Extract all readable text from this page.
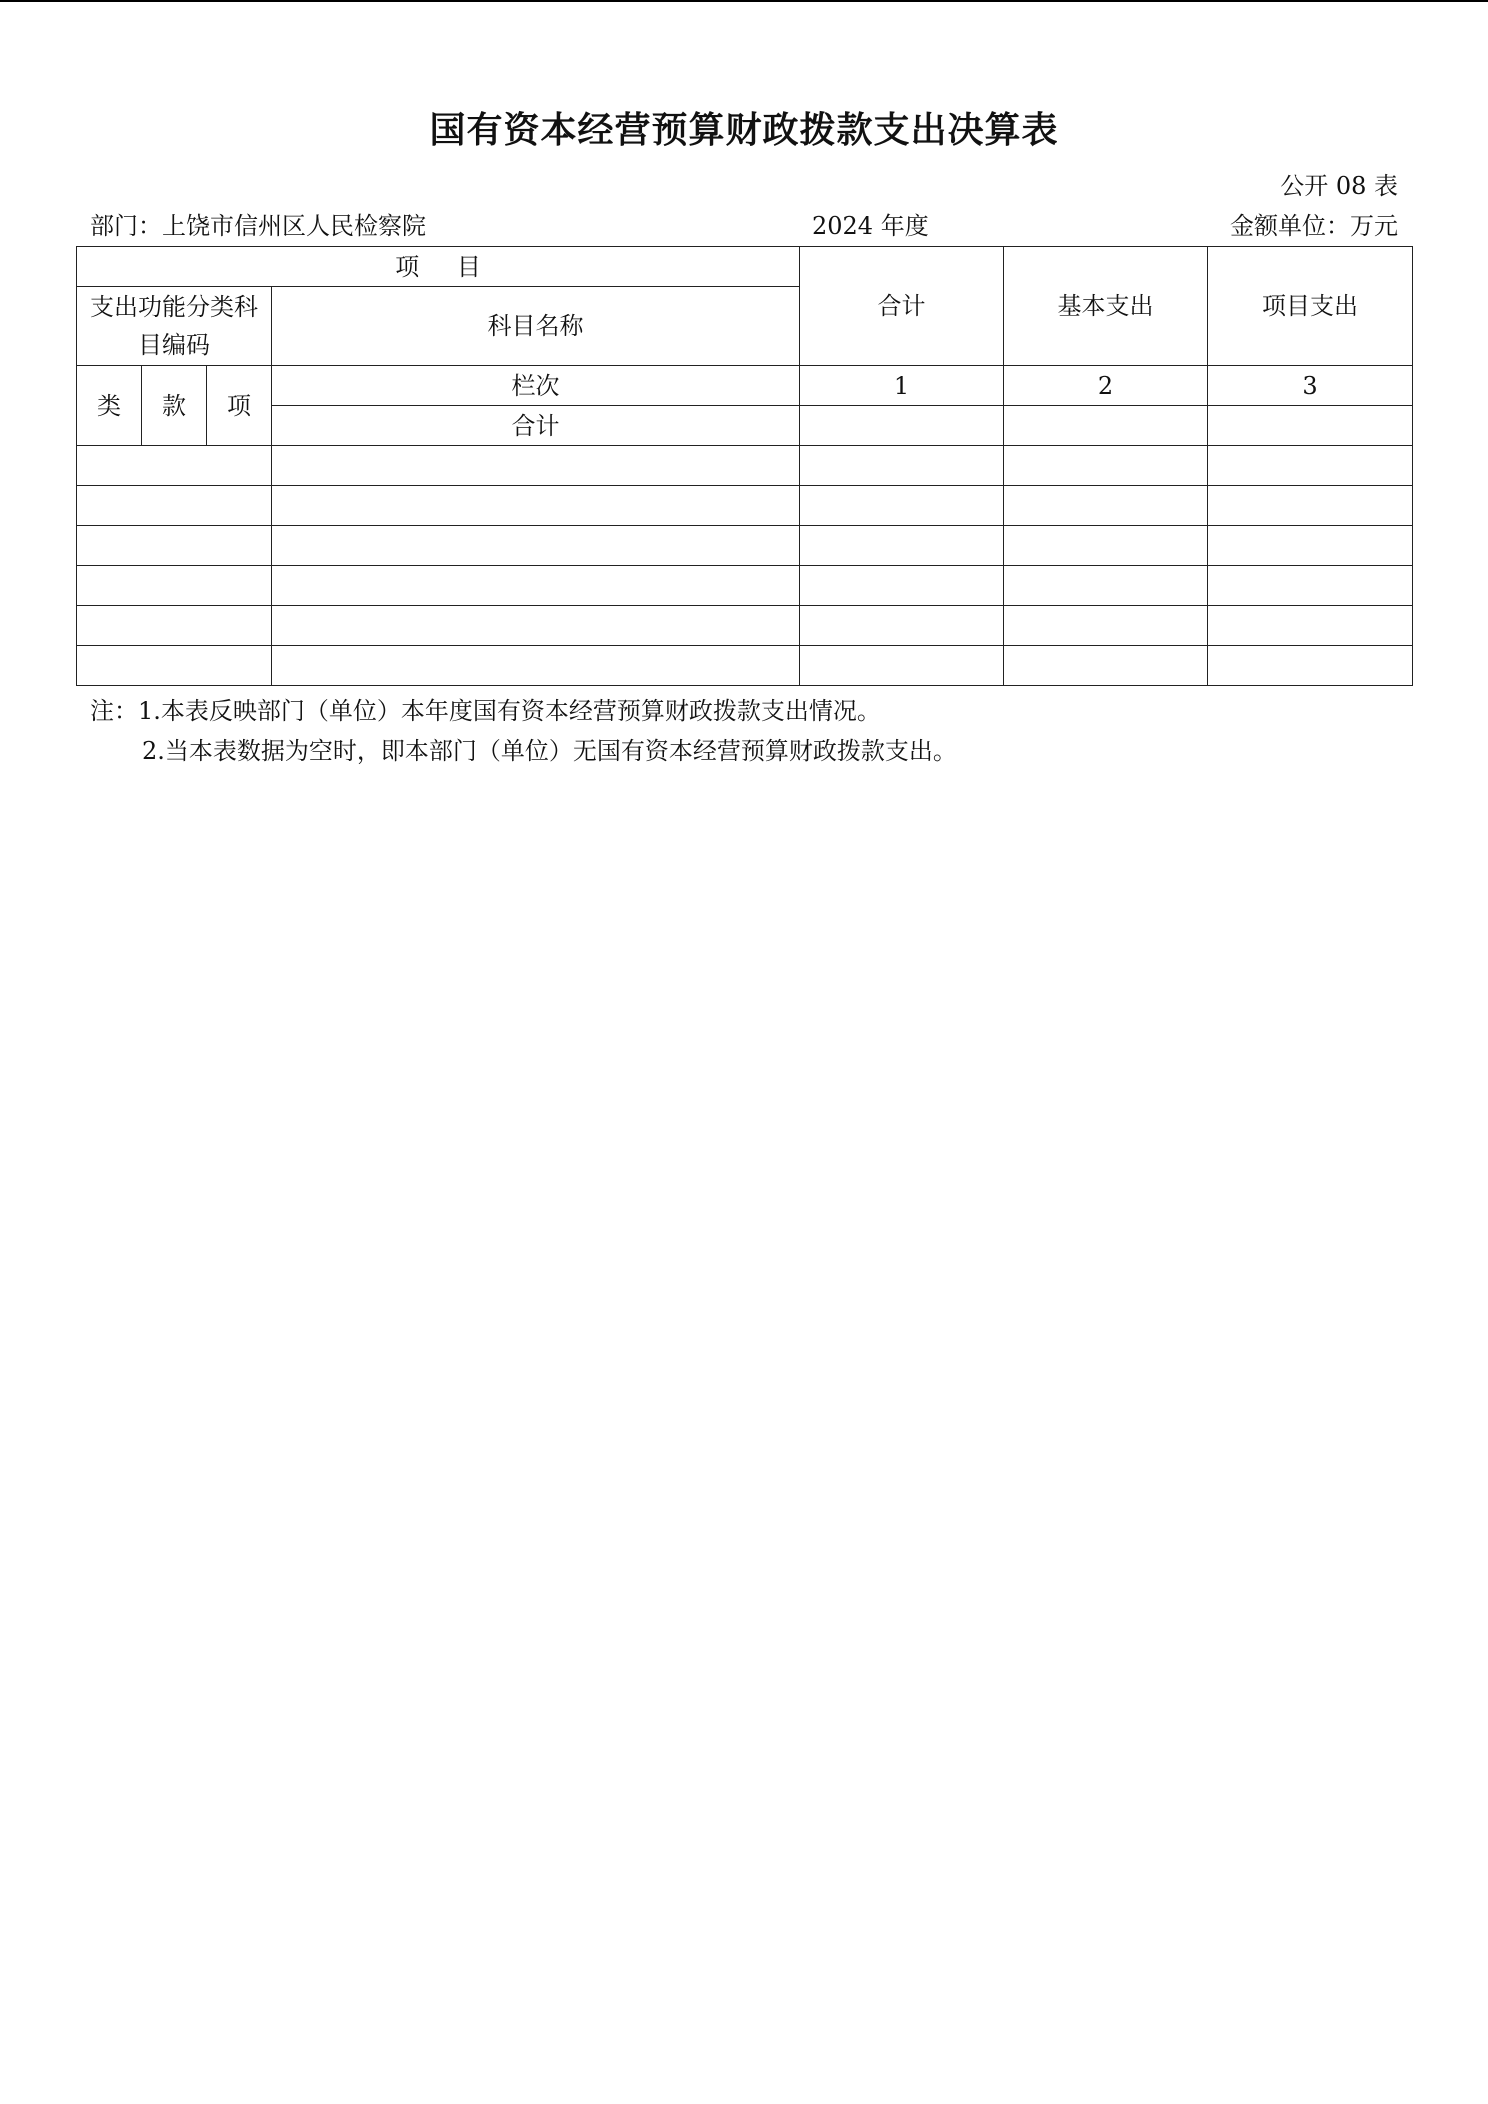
国有资本经营预算财政拨款支出决算表
公开 08 表
部门：上饶市信州区人民检察院	2024 年度	金额单位：万元
项 目				合计	基本支出	项目支出
支出功能分类科目编码			科目名称			
类	款	项	栏次	1	2	3
			合计			

注：1.本表反映部门（单位）本年度国有资本经营预算财政拨款支出情况。
2.当本表数据为空时，即本部门（单位）无国有资本经营预算财政拨款支出。
